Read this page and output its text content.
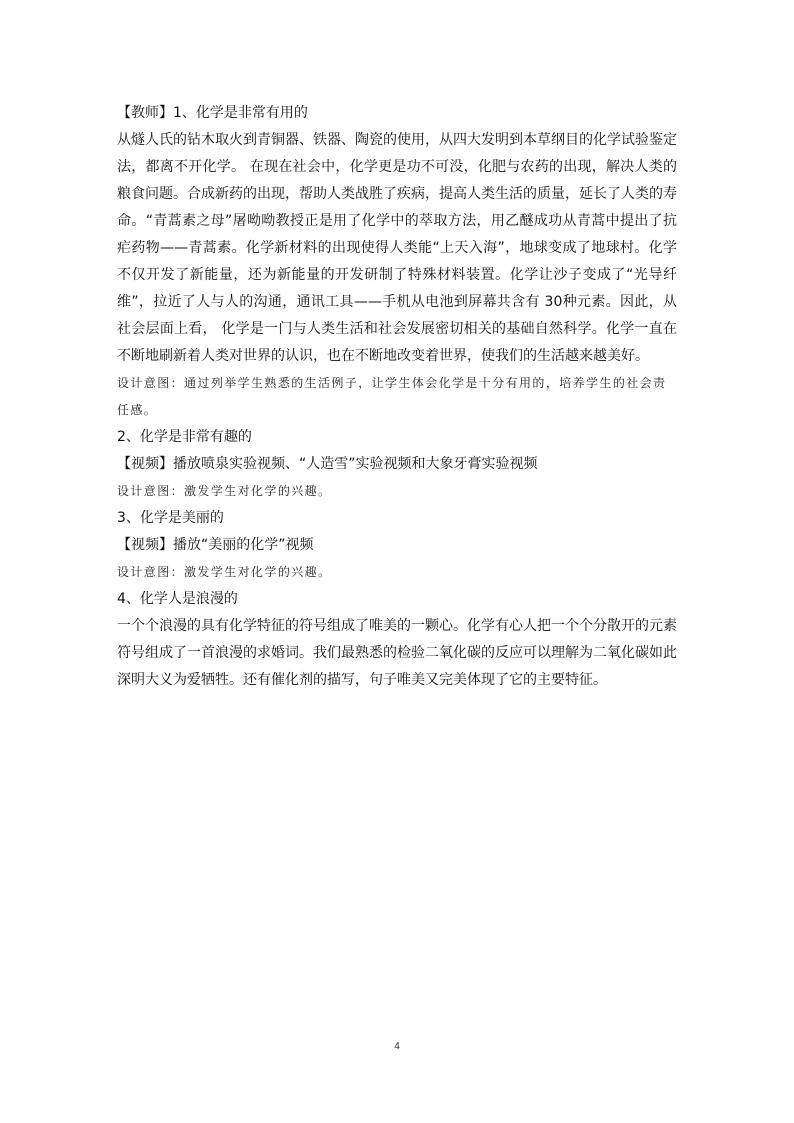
【教师】1、化学是非常有用的

从燧人氏的钻木取火到青铜器、铁器、陶瓷的使用，从四大发明到本草纲目的化学试验鉴定法，都离不开化学。 在现在社会中，化学更是功不可没，化肥与农药的出现，解决人类的粮食问题。合成新药的出现，帮助人类战胜了疾病，提高人类生活的质量，延长了人类的寿命。“青蒿素之母”屠呦呦教授正是用了化学中的萃取方法，用乙醚成功从青蒿中提出了抗疟药物——青蒿素。化学新材料的出现使得人类能“上天入海”，地球变成了地球村。化学不仅开发了新能量，还为新能量的开发研制了特殊材料装置。化学让沙子变成了“光导纤维”，拉近了人与人的沟通，通讯工具——手机从电池到屏幕共含有 30种元素。因此，从社会层面上看， 化学是一门与人类生活和社会发展密切相关的基础自然科学。化学一直在不断地刷新着人类对世界的认识，也在不断地改变着世界，使我们的生活越来越美好。

设计意图：通过列举学生熟悉的生活例子，让学生体会化学是十分有用的，培养学生的社会责任感。

2、化学是非常有趣的

【视频】播放喷泉实验视频、“人造雪”实验视频和大象牙膏实验视频

设计意图：激发学生对化学的兴趣。

3、化学是美丽的

【视频】播放“美丽的化学”视频

设计意图：激发学生对化学的兴趣。

4、化学人是浪漫的

一个个浪漫的具有化学特征的符号组成了唯美的一颗心。化学有心人把一个个分散开的元素符号组成了一首浪漫的求婚词。我们最熟悉的检验二氧化碳的反应可以理解为二氧化碳如此深明大义为爱牺牲。还有催化剂的描写，句子唯美又完美体现了它的主要特征。

4
